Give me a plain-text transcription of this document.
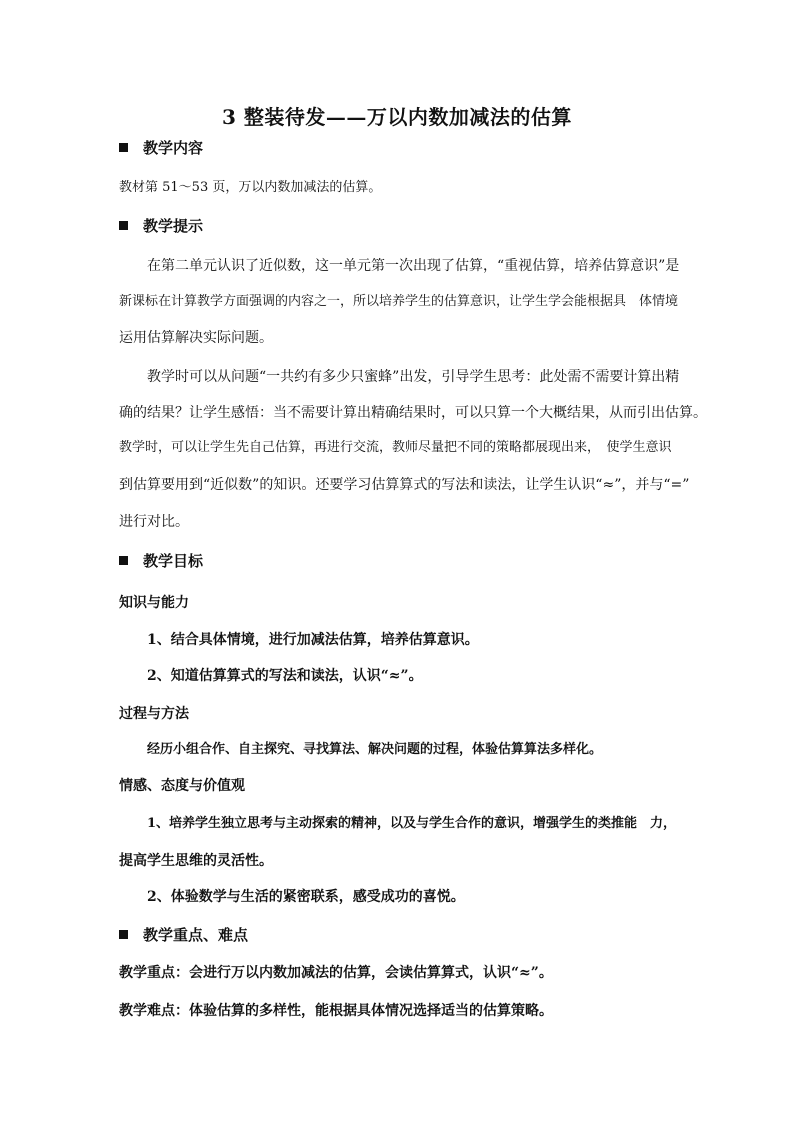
3 整装待发——万以内数加减法的估算
教学内容
教材第 51～53 页，万以内数加减法的估算。
教学提示
在第二单元认识了近似数，这一单元第一次出现了估算，“重视估算，培养估算意识”是
新课标在计算教学方面强调的内容之一，所以培养学生的估算意识，让学生学会能根据具　体情境
运用估算解决实际问题。
教学时可以从问题“一共约有多少只蜜蜂”出发，引导学生思考：此处需不需要计算出精
确的结果？让学生感悟：当不需要计算出精确结果时，可以只算一个大概结果，从而引出估算。
教学时，可以让学生先自己估算，再进行交流，教师尽量把不同的策略都展现出来，　使学生意识
到估算要用到“近似数”的知识。还要学习估算算式的写法和读法，让学生认识“≈”，并与“=”
进行对比。
教学目标
知识与能力
1、结合具体情境，进行加减法估算，培养估算意识。
2、知道估算算式的写法和读法，认识“≈”。
过程与方法
经历小组合作、自主探究、寻找算法、解决问题的过程，体验估算算法多样化。
情感、态度与价值观
1、培养学生独立思考与主动探索的精神，以及与学生合作的意识，增强学生的类推能　力，
提高学生思维的灵活性。
2、体验数学与生活的紧密联系，感受成功的喜悦。
教学重点、难点
教学重点：会进行万以内数加减法的估算，会读估算算式，认识“≈”。
教学难点：体验估算的多样性，能根据具体情况选择适当的估算策略。
